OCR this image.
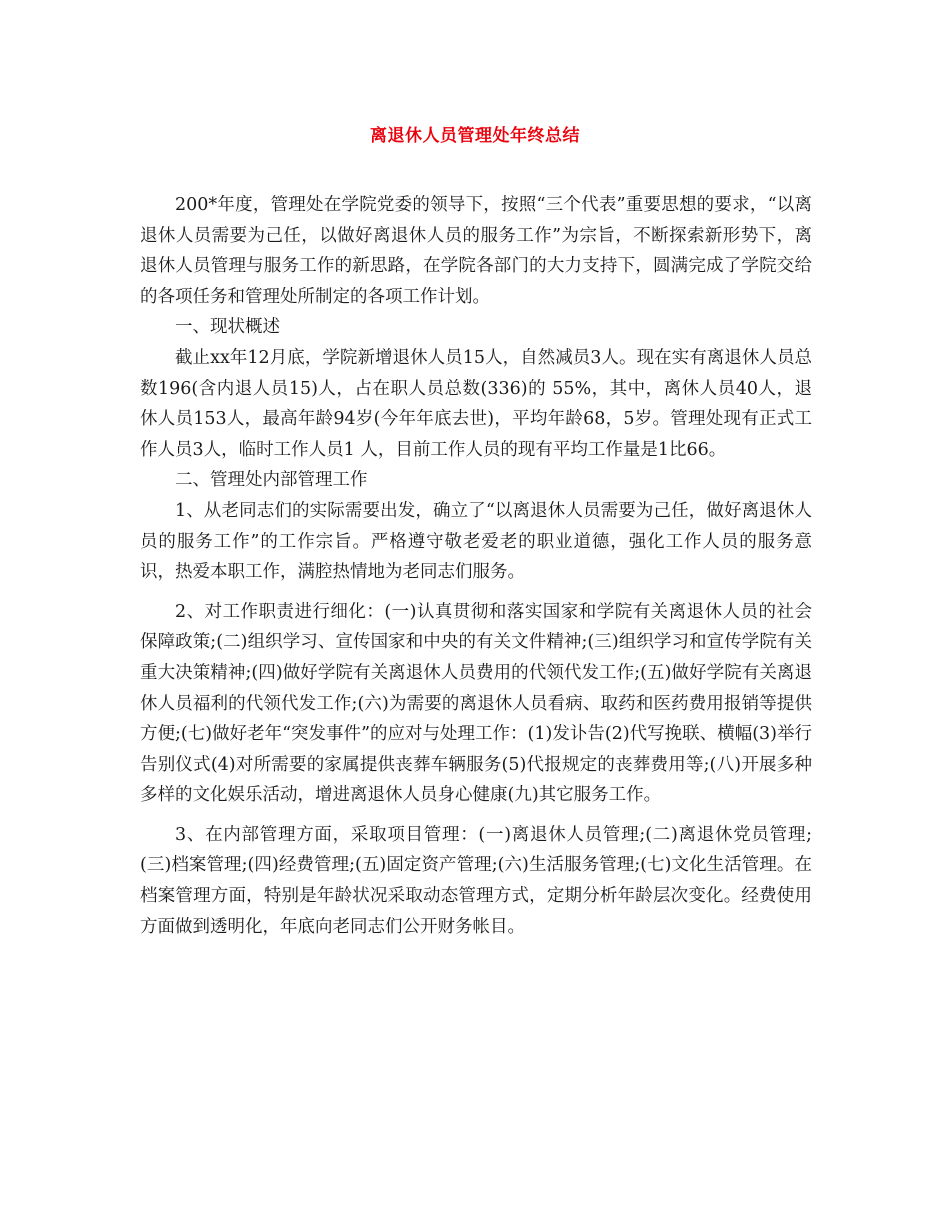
离退休人员管理处年终总结

200*年度，管理处在学院党委的领导下，按照“三个代表”重要思想的要求，“以离退休人员需要为己任，以做好离退休人员的服务工作”为宗旨，不断探索新形势下，离退休人员管理与服务工作的新思路，在学院各部门的大力支持下，圆满完成了学院交给的各项任务和管理处所制定的各项工作计划。

一、现状概述

截止xx年12月底，学院新增退休人员15人，自然减员3人。现在实有离退休人员总数196(含内退人员15)人，占在职人员总数(336)的 55%，其中，离休人员40人，退休人员153人，最高年龄94岁(今年年底去世)，平均年龄68，5岁。管理处现有正式工作人员3人，临时工作人员1 人，目前工作人员的现有平均工作量是1比66。

二、管理处内部管理工作

1、从老同志们的实际需要出发，确立了“以离退休人员需要为己任，做好离退休人员的服务工作”的工作宗旨。严格遵守敬老爱老的职业道德，强化工作人员的服务意识，热爱本职工作，满腔热情地为老同志们服务。

2、对工作职责进行细化：(一)认真贯彻和落实国家和学院有关离退休人员的社会保障政策;(二)组织学习、宣传国家和中央的有关文件精神;(三)组织学习和宣传学院有关重大决策精神;(四)做好学院有关离退休人员费用的代领代发工作;(五)做好学院有关离退休人员福利的代领代发工作;(六)为需要的离退休人员看病、取药和医药费用报销等提供方便;(七)做好老年“突发事件”的应对与处理工作：(1)发讣告(2)代写挽联、横幅(3)举行告别仪式(4)对所需要的家属提供丧葬车辆服务(5)代报规定的丧葬费用等;(八)开展多种多样的文化娱乐活动，增进离退休人员身心健康(九)其它服务工作。

3、在内部管理方面，采取项目管理：(一)离退休人员管理;(二)离退休党员管理;(三)档案管理;(四)经费管理;(五)固定资产管理;(六)生活服务管理;(七)文化生活管理。在档案管理方面，特别是年龄状况采取动态管理方式，定期分析年龄层次变化。经费使用方面做到透明化，年底向老同志们公开财务帐目。
